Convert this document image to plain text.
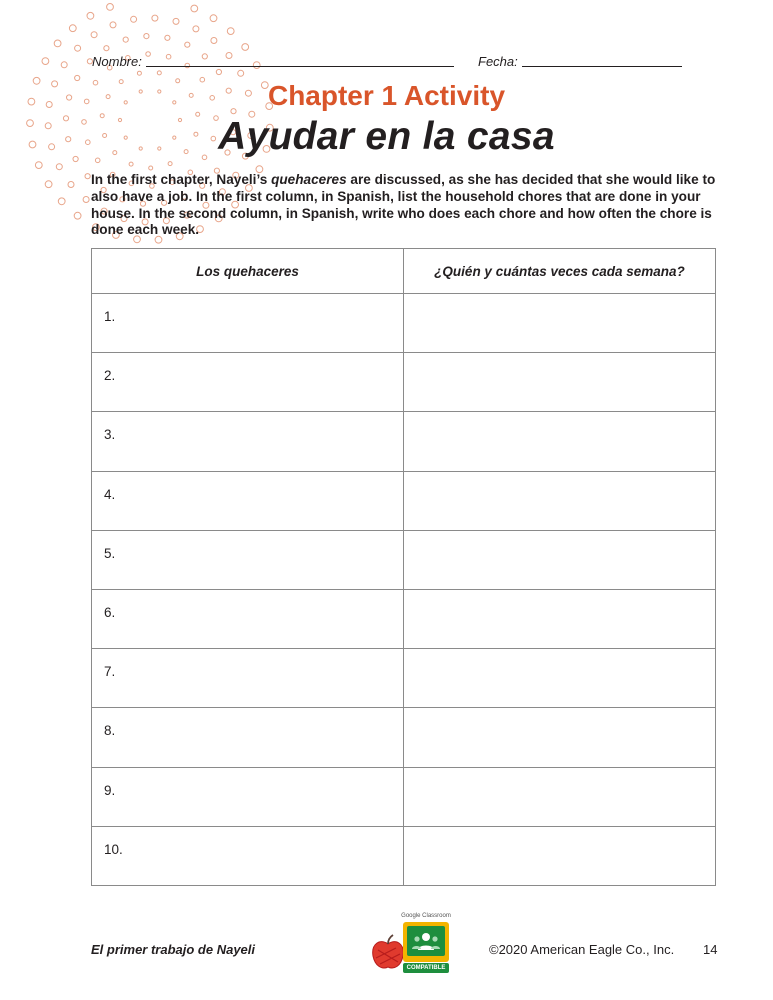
Nombre:	Fecha:
Chapter 1 Activity
Ayudar en la casa
In the first chapter, Nayeli’s quehaceres are discussed, as she has decided that she would like to also have a job. In the first column, in Spanish, list the household chores that are done in your house. In the second column, in Spanish, write who does each chore and how often the chore is done each week.
Los quehaceres	¿Quién y cuántas veces cada semana?
1.	
2.	
3.	
4.	
5.	
6.	
7.	
8.	
9.	
10.	
El primer trabajo de Nayeli
Google Classroom
COMPATIBLE
©2020 American Eagle Co., Inc. 14
